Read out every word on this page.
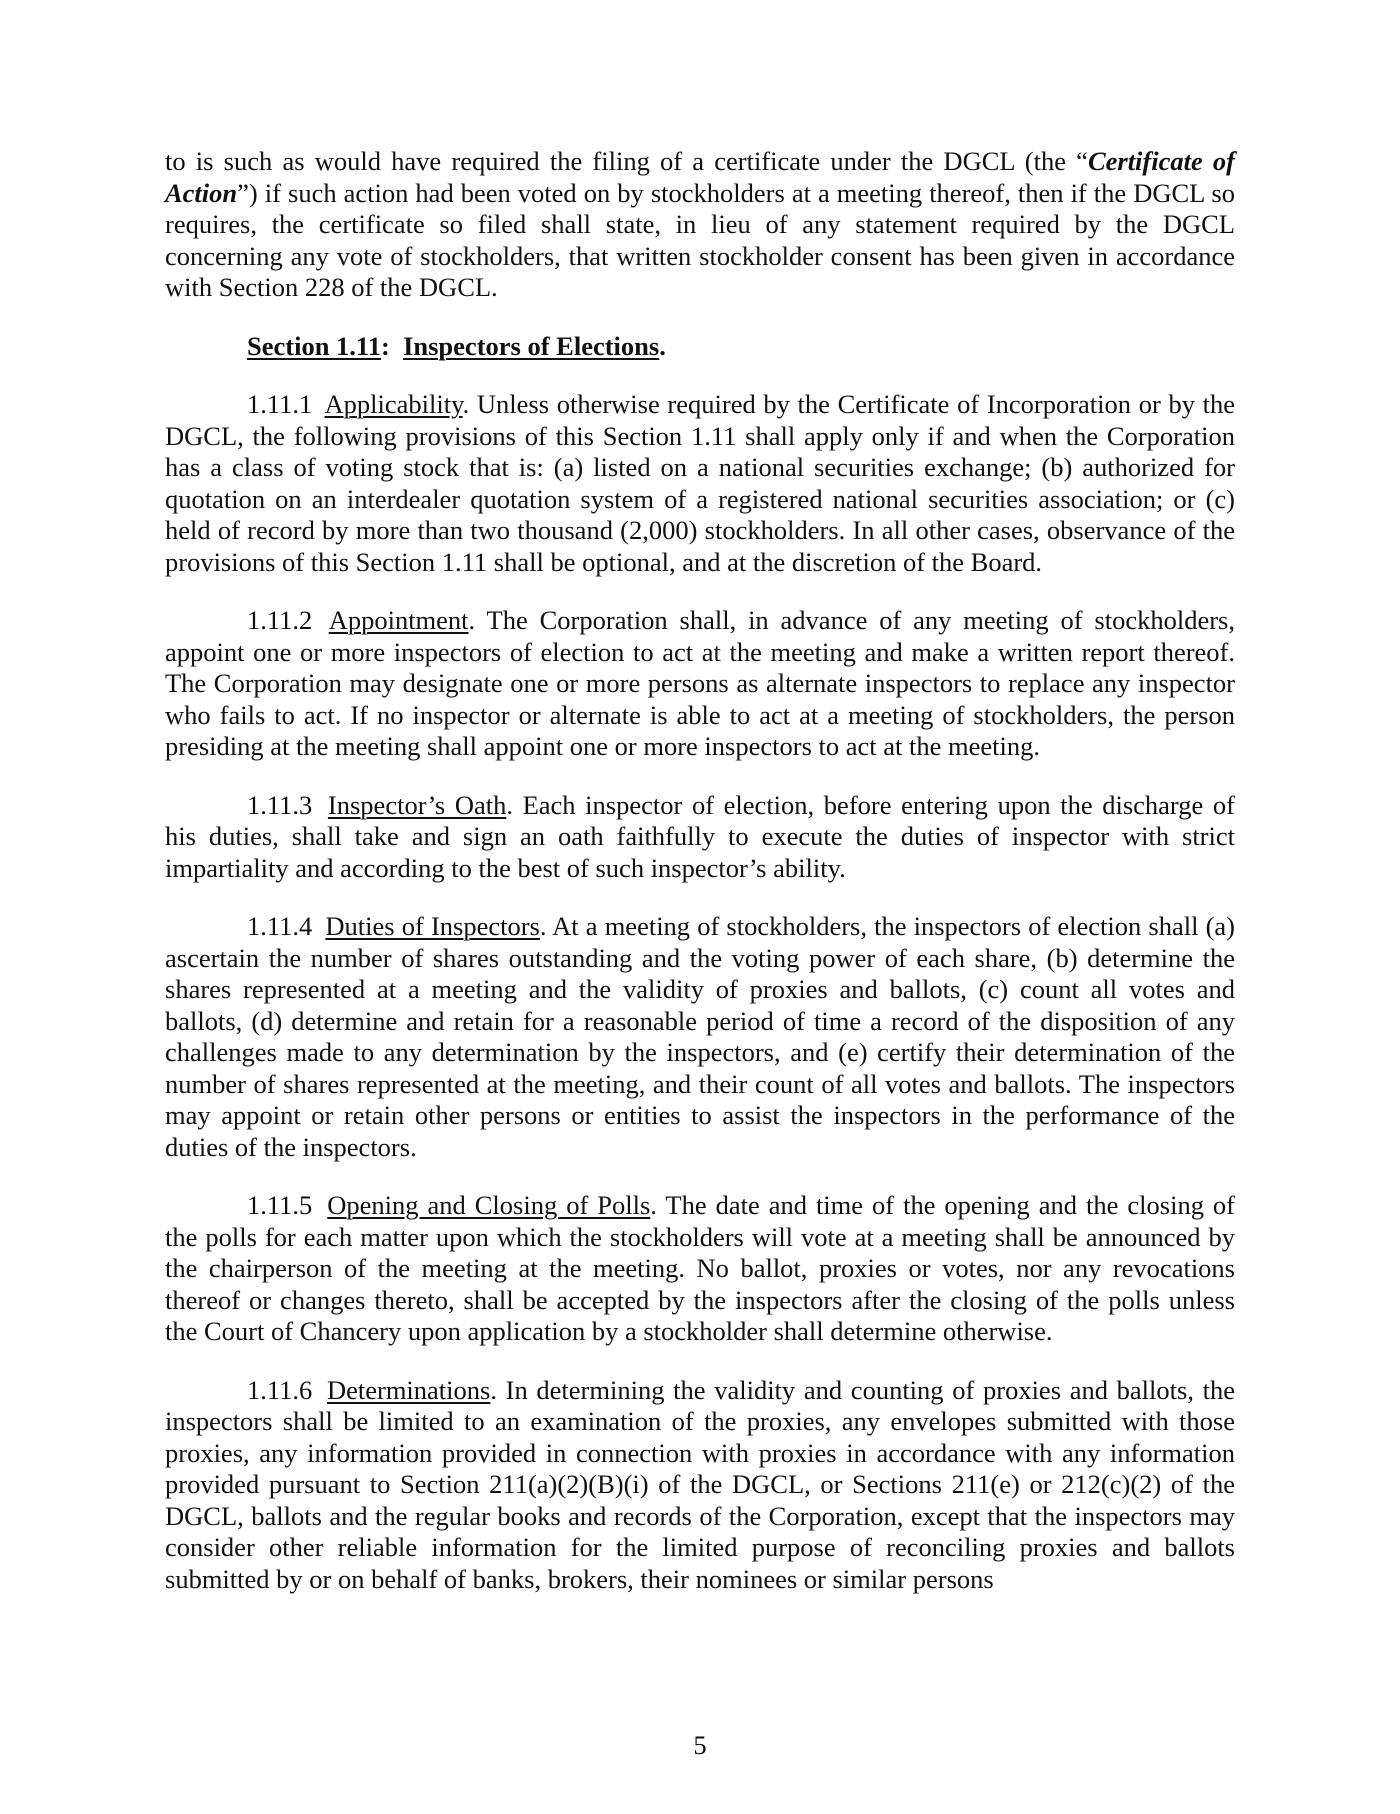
to is such as would have required the filing of a certificate under the DGCL (the “Certificate of Action”) if such action had been voted on by stockholders at a meeting thereof, then if the DGCL so requires, the certificate so filed shall state, in lieu of any statement required by the DGCL concerning any vote of stockholders, that written stockholder consent has been given in accordance with Section 228 of the DGCL.

Section 1.11:  Inspectors of Elections.

1.11.1 Applicability. Unless otherwise required by the Certificate of Incorporation or by the DGCL, the following provisions of this Section 1.11 shall apply only if and when the Corporation has a class of voting stock that is: (a) listed on a national securities exchange; (b) authorized for quotation on an interdealer quotation system of a registered national securities association; or (c) held of record by more than two thousand (2,000) stockholders. In all other cases, observance of the provisions of this Section 1.11 shall be optional, and at the discretion of the Board.

1.11.2 Appointment. The Corporation shall, in advance of any meeting of stockholders, appoint one or more inspectors of election to act at the meeting and make a written report thereof. The Corporation may designate one or more persons as alternate inspectors to replace any inspector who fails to act. If no inspector or alternate is able to act at a meeting of stockholders, the person presiding at the meeting shall appoint one or more inspectors to act at the meeting.

1.11.3 Inspector’s Oath. Each inspector of election, before entering upon the discharge of his duties, shall take and sign an oath faithfully to execute the duties of inspector with strict impartiality and according to the best of such inspector’s ability.

1.11.4 Duties of Inspectors. At a meeting of stockholders, the inspectors of election shall (a) ascertain the number of shares outstanding and the voting power of each share, (b) determine the shares represented at a meeting and the validity of proxies and ballots, (c) count all votes and ballots, (d) determine and retain for a reasonable period of time a record of the disposition of any challenges made to any determination by the inspectors, and (e) certify their determination of the number of shares represented at the meeting, and their count of all votes and ballots. The inspectors may appoint or retain other persons or entities to assist the inspectors in the performance of the duties of the inspectors.

1.11.5 Opening and Closing of Polls. The date and time of the opening and the closing of the polls for each matter upon which the stockholders will vote at a meeting shall be announced by the chairperson of the meeting at the meeting. No ballot, proxies or votes, nor any revocations thereof or changes thereto, shall be accepted by the inspectors after the closing of the polls unless the Court of Chancery upon application by a stockholder shall determine otherwise.

1.11.6 Determinations. In determining the validity and counting of proxies and ballots, the inspectors shall be limited to an examination of the proxies, any envelopes submitted with those proxies, any information provided in connection with proxies in accordance with any information provided pursuant to Section 211(a)(2)(B)(i) of the DGCL, or Sections 211(e) or 212(c)(2) of the DGCL, ballots and the regular books and records of the Corporation, except that the inspectors may consider other reliable information for the limited purpose of reconciling proxies and ballots submitted by or on behalf of banks, brokers, their nominees or similar persons

5
